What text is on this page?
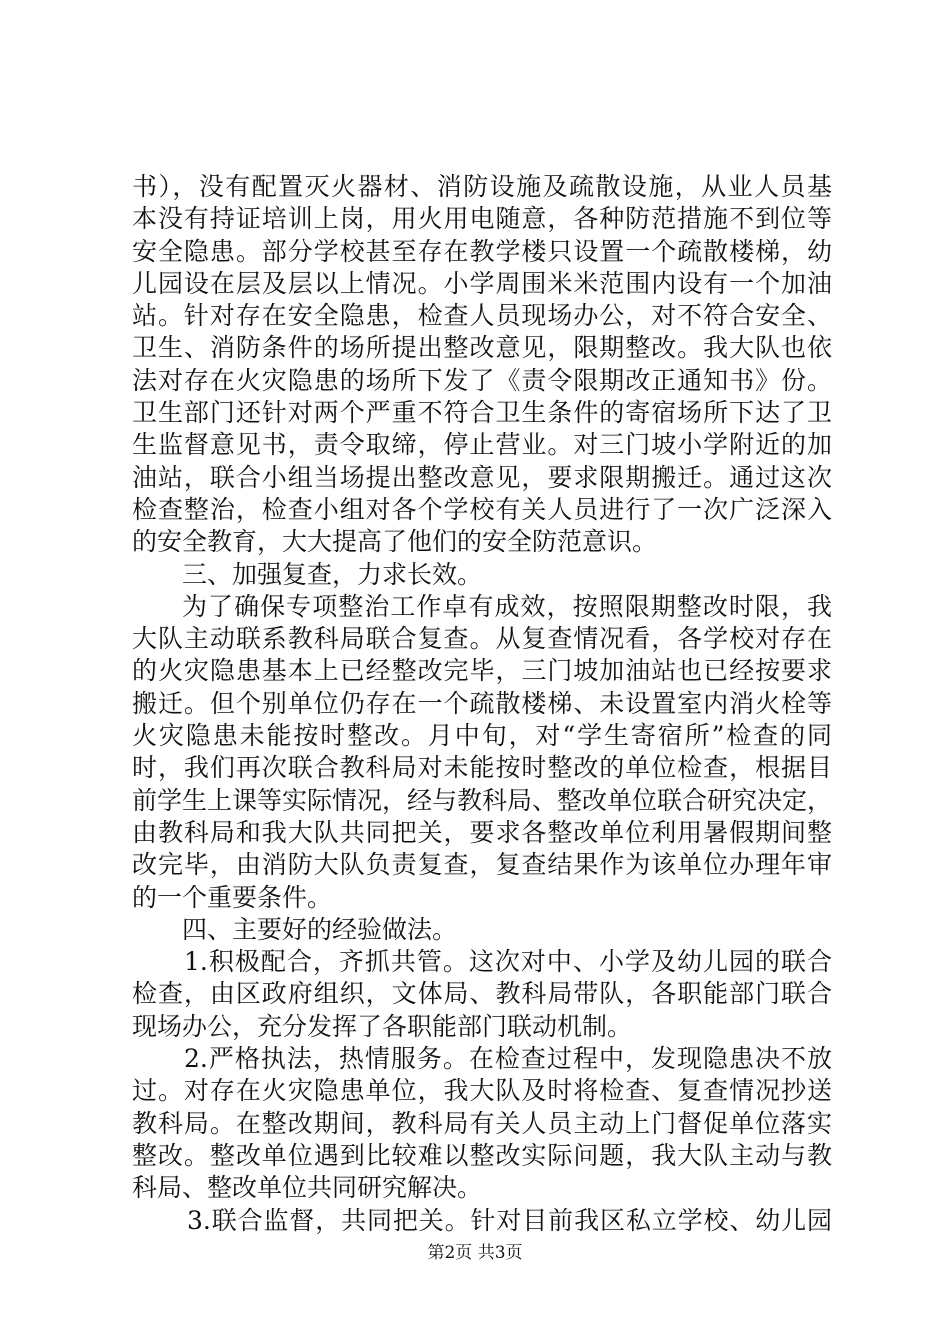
书），没有配置灭火器材、消防设施及疏散设施，从业人员基
本没有持证培训上岗，用火用电随意，各种防范措施不到位等
安全隐患。部分学校甚至存在教学楼只设置一个疏散楼梯，幼
儿园设在层及层以上情况。小学周围米米范围内设有一个加油
站。针对存在安全隐患，检查人员现场办公，对不符合安全、
卫生、消防条件的场所提出整改意见，限期整改。我大队也依
法对存在火灾隐患的场所下发了《责令限期改正通知书》份。
卫生部门还针对两个严重不符合卫生条件的寄宿场所下达了卫
生监督意见书，责令取缔，停止营业。对三门坡小学附近的加
油站，联合小组当场提出整改意见，要求限期搬迁。通过这次
检查整治，检查小组对各个学校有关人员进行了一次广泛深入
的安全教育，大大提高了他们的安全防范意识。
三、加强复查，力求长效。
为了确保专项整治工作卓有成效，按照限期整改时限，我
大队主动联系教科局联合复查。从复查情况看，各学校对存在
的火灾隐患基本上已经整改完毕，三门坡加油站也已经按要求
搬迁。但个别单位仍存在一个疏散楼梯、未设置室内消火栓等
火灾隐患未能按时整改。月中旬，对“学生寄宿所”检查的同
时，我们再次联合教科局对未能按时整改的单位检查，根据目
前学生上课等实际情况，经与教科局、整改单位联合研究决定，
由教科局和我大队共同把关，要求各整改单位利用暑假期间整
改完毕，由消防大队负责复查，复查结果作为该单位办理年审
的一个重要条件。
四、主要好的经验做法。
1.积极配合，齐抓共管。这次对中、小学及幼儿园的联合
检查，由区政府组织，文体局、教科局带队，各职能部门联合
现场办公，充分发挥了各职能部门联动机制。
2.严格执法，热情服务。在检查过程中，发现隐患决不放
过。对存在火灾隐患单位，我大队及时将检查、复查情况抄送
教科局。在整改期间，教科局有关人员主动上门督促单位落实
整改。整改单位遇到比较难以整改实际问题，我大队主动与教
科局、整改单位共同研究解决。
3.联合监督，共同把关。针对目前我区私立学校、幼儿园
第2页 共3页
